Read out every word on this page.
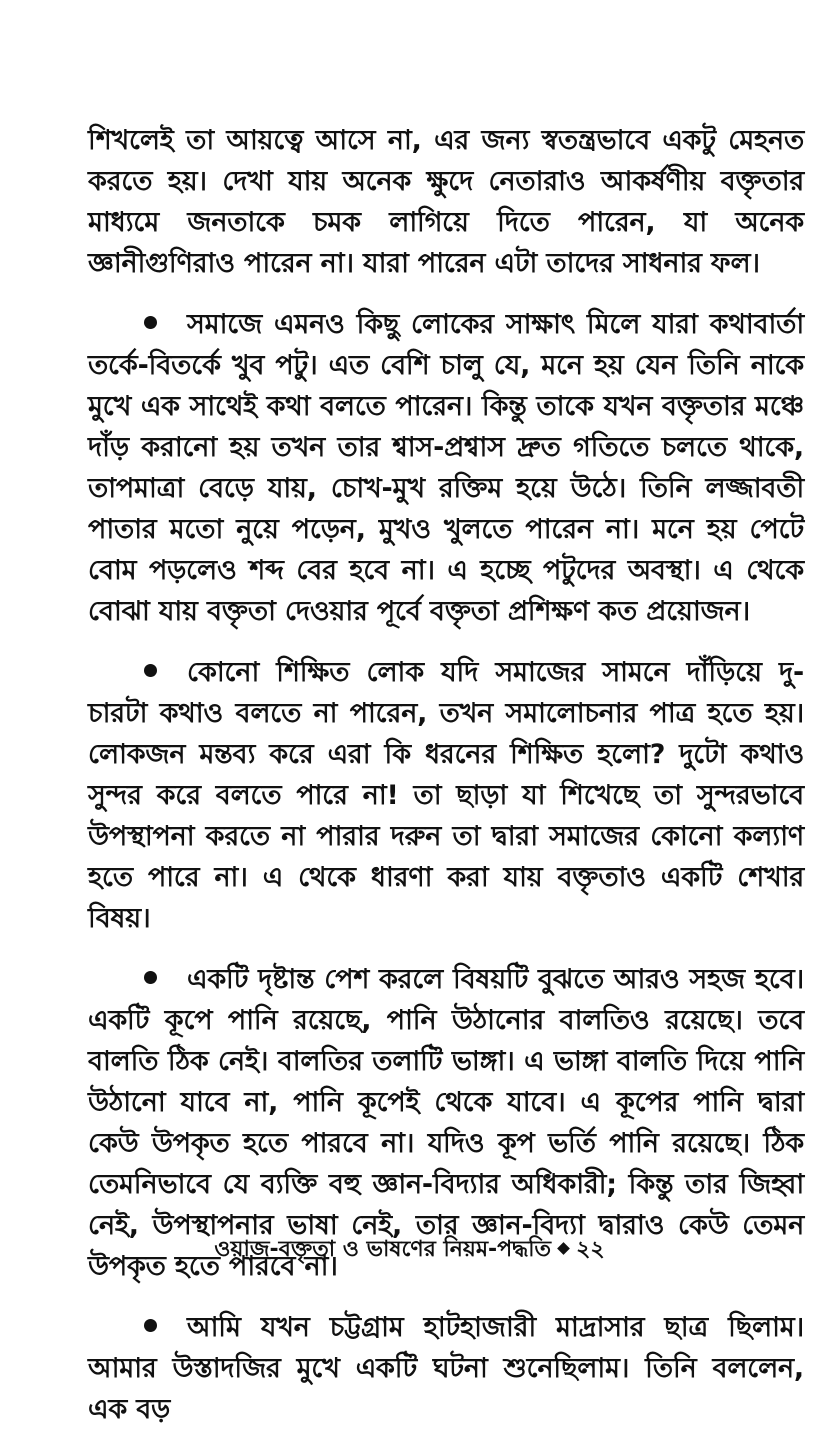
শিখলেই তা আয়ত্বে আসে না, এর জন্য স্বতন্ত্রভাবে একটু মেহনত করতে হয়। দেখা যায় অনেক ক্ষুদে নেতারাও আকর্ষণীয় বক্তৃতার মাধ্যমে জনতাকে চমক লাগিয়ে দিতে পারেন, যা অনেক জ্ঞানীগুণিরাও পারেন না। যারা পারেন এটা তাদের সাধনার ফল।

সমাজে এমনও কিছু লোকের সাক্ষাৎ মিলে যারা কথাবার্তা তর্কে-বিতর্কে খুব পটু। এত বেশি চালু যে, মনে হয় যেন তিনি নাকে মুখে এক সাথেই কথা বলতে পারেন। কিন্তু তাকে যখন বক্তৃতার মঞ্চে দাঁড় করানো হয় তখন তার শ্বাস-প্রশ্বাস দ্রুত গতিতে চলতে থাকে, তাপমাত্রা বেড়ে যায়, চোখ-মুখ রক্তিম হয়ে উঠে। তিনি লজ্জাবতী পাতার মতো নুয়ে পড়েন, মুখও খুলতে পারেন না। মনে হয় পেটে বোম পড়লেও শব্দ বের হবে না। এ হচ্ছে পটুদের অবস্থা। এ থেকে বোঝা যায় বক্তৃতা দেওয়ার পূর্বে বক্তৃতা প্রশিক্ষণ কত প্রয়োজন।

কোনো শিক্ষিত লোক যদি সমাজের সামনে দাঁড়িয়ে দু-চারটা কথাও বলতে না পারেন, তখন সমালোচনার পাত্র হতে হয়। লোকজন মন্তব্য করে এরা কি ধরনের শিক্ষিত হলো? দুটো কথাও সুন্দর করে বলতে পারে না! তা ছাড়া যা শিখেছে তা সুন্দরভাবে উপস্থাপনা করতে না পারার দরুন তা দ্বারা সমাজের কোনো কল্যাণ হতে পারে না। এ থেকে ধারণা করা যায় বক্তৃতাও একটি শেখার বিষয়।

একটি দৃষ্টান্ত পেশ করলে বিষয়টি বুঝতে আরও সহজ হবে। একটি কূপে পানি রয়েছে, পানি উঠানোর বালতিও রয়েছে। তবে বালতি ঠিক নেই। বালতির তলাটি ভাঙ্গা। এ ভাঙ্গা বালতি দিয়ে পানি উঠানো যাবে না, পানি কূপেই থেকে যাবে। এ কূপের পানি দ্বারা কেউ উপকৃত হতে পারবে না। যদিও কূপ ভর্তি পানি রয়েছে। ঠিক তেমনিভাবে যে ব্যক্তি বহু জ্ঞান-বিদ্যার অধিকারী; কিন্তু তার জিহ্বা নেই, উপস্থাপনার ভাষা নেই, তার জ্ঞান-বিদ্যা দ্বারাও কেউ তেমন উপকৃত হতে পারবে না।

আমি যখন চট্টগ্রাম হাটহাজারী মাদ্রাসার ছাত্র ছিলাম। আমার উস্তাদজির মুখে একটি ঘটনা শুনেছিলাম। তিনি বললেন, এক বড়

ওয়াজ-বক্তৃতা ও ভাষণের নিয়ম-পদ্ধতি ২২
